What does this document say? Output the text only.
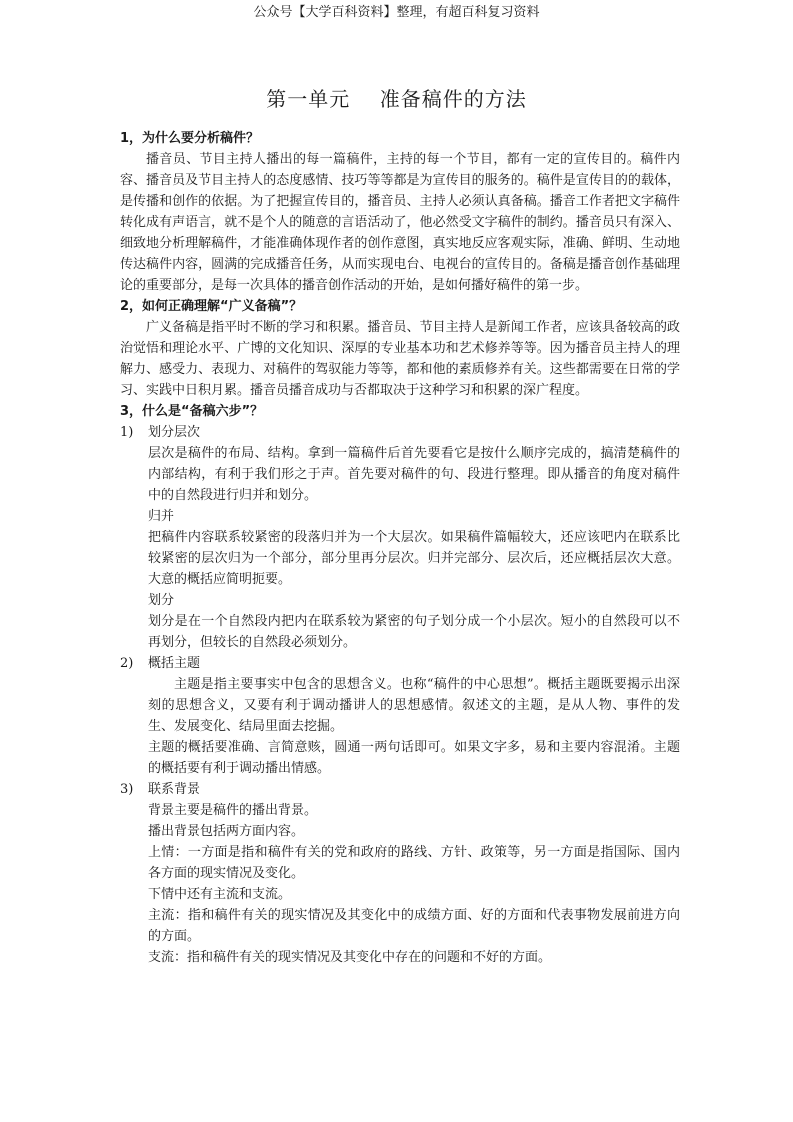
公众号【大学百科资料】整理，有超百科复习资料
第一单元    准备稿件的方法

1，为什么要分析稿件？

播音员、节目主持人播出的每一篇稿件，主持的每一个节目，都有一定的宣传目的。稿件内容、播音员及节目主持人的态度感情、技巧等等都是为宣传目的服务的。稿件是宣传目的的载体，是传播和创作的依据。为了把握宣传目的，播音员、主持人必须认真备稿。播音工作者把文字稿件转化成有声语言，就不是个人的随意的言语活动了，他必然受文字稿件的制约。播音员只有深入、细致地分析理解稿件，才能准确体现作者的创作意图，真实地反应客观实际，准确、鲜明、生动地传达稿件内容，圆满的完成播音任务，从而实现电台、电视台的宣传目的。备稿是播音创作基础理论的重要部分，是每一次具体的播音创作活动的开始，是如何播好稿件的第一步。

2，如何正确理解“广义备稿”？

广义备稿是指平时不断的学习和积累。播音员、节目主持人是新闻工作者，应该具备较高的政治觉悟和理论水平、广博的文化知识、深厚的专业基本功和艺术修养等等。因为播音员主持人的理解力、感受力、表现力、对稿件的驾驭能力等等，都和他的素质修养有关。这些都需要在日常的学习、实践中日积月累。播音员播音成功与否都取决于这种学习和积累的深广程度。

3，什么是“备稿六步”？

1)	划分层次

层次是稿件的布局、结构。拿到一篇稿件后首先要看它是按什么顺序完成的，搞清楚稿件的内部结构，有利于我们形之于声。首先要对稿件的句、段进行整理。即从播音的角度对稿件中的自然段进行归并和划分。

归并

把稿件内容联系较紧密的段落归并为一个大层次。如果稿件篇幅较大，还应该吧内在联系比较紧密的层次归为一个部分，部分里再分层次。归并完部分、层次后，还应概括层次大意。大意的概括应简明扼要。

划分

划分是在一个自然段内把内在联系较为紧密的句子划分成一个小层次。短小的自然段可以不再划分，但较长的自然段必须划分。

2)	概括主题

主题是指主要事实中包含的思想含义。也称“稿件的中心思想”。概括主题既要揭示出深刻的思想含义，又要有利于调动播讲人的思想感情。叙述文的主题，是从人物、事件的发生、发展变化、结局里面去挖掘。

主题的概括要准确、言简意赅，圆通一两句话即可。如果文字多，易和主要内容混淆。主题的概括要有利于调动播出情感。

3)	联系背景

背景主要是稿件的播出背景。

播出背景包括两方面内容。

上情：一方面是指和稿件有关的党和政府的路线、方针、政策等，另一方面是指国际、国内各方面的现实情况及变化。

下情中还有主流和支流。

主流：指和稿件有关的现实情况及其变化中的成绩方面、好的方面和代表事物发展前进方向的方面。

支流：指和稿件有关的现实情况及其变化中存在的问题和不好的方面。
